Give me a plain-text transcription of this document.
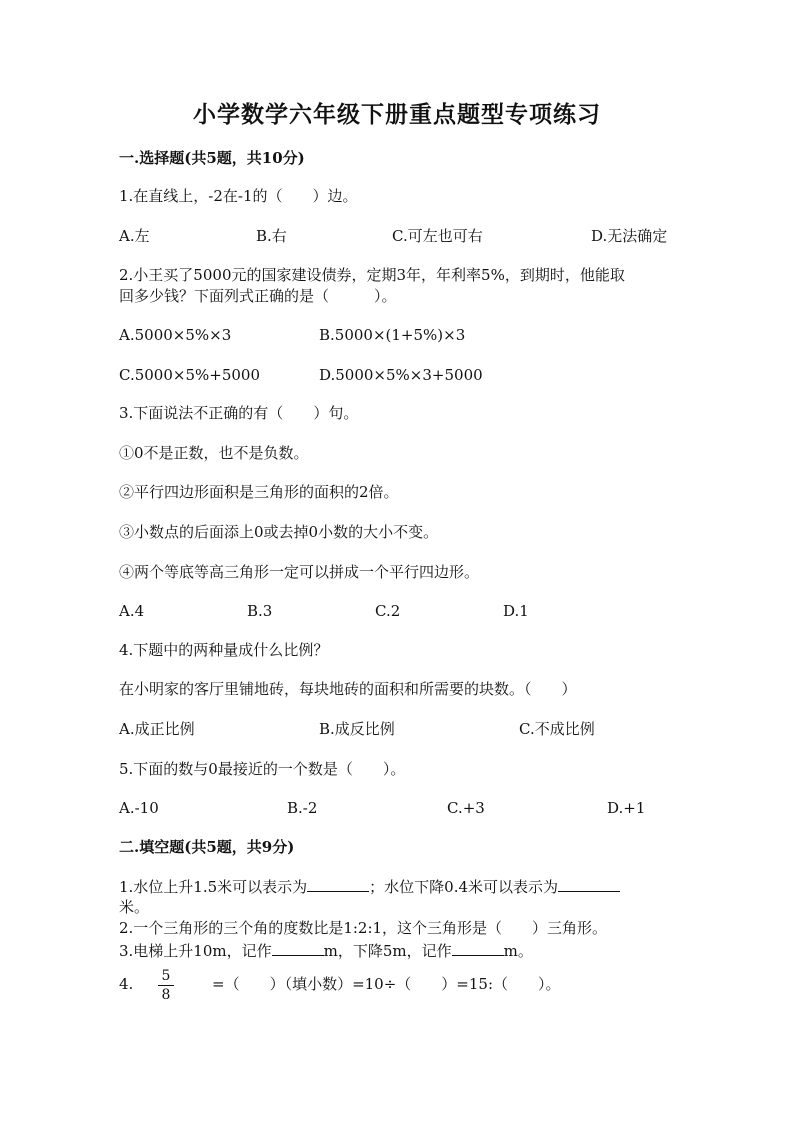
小学数学六年级下册重点题型专项练习
一.选择题(共5题，共10分)
1.在直线上，-2在-1的（　　）边。
A.左	B.右	C.可左也可右	D.无法确定
2.小王买了5000元的国家建设债券，定期3年，年利率5%，到期时，他能取
回多少钱？下面列式正确的是（　　　）。
A.5000×5%×3	B.5000×(1+5%)×3
C.5000×5%+5000	D.5000×5%×3+5000
3.下面说法不正确的有（　　）句。
①0不是正数，也不是负数。
②平行四边形面积是三角形的面积的2倍。
③小数点的后面添上0或去掉0小数的大小不变。
④两个等底等高三角形一定可以拼成一个平行四边形。
A.4	B.3	C.2	D.1
4.下题中的两种量成什么比例？
在小明家的客厅里铺地砖，每块地砖的面积和所需要的块数。（　　）
A.成正比例	B.成反比例	C.不成比例
5.下面的数与0最接近的一个数是（　　）。
A.-10	B.-2	C.+3	D.+1
二.填空题(共5题，共9分)
1.水位上升1.5米可以表示为	；水位下降0.4米可以表示为
米。
2.一个三角形的三个角的度数比是1:2:1，这个三角形是（　　）三角形。
3.电梯上升10m，记作	m，下降5m，记作	m。
4. 5
8
=（　　）（填小数）=10÷（　　）=15:（　　）。
